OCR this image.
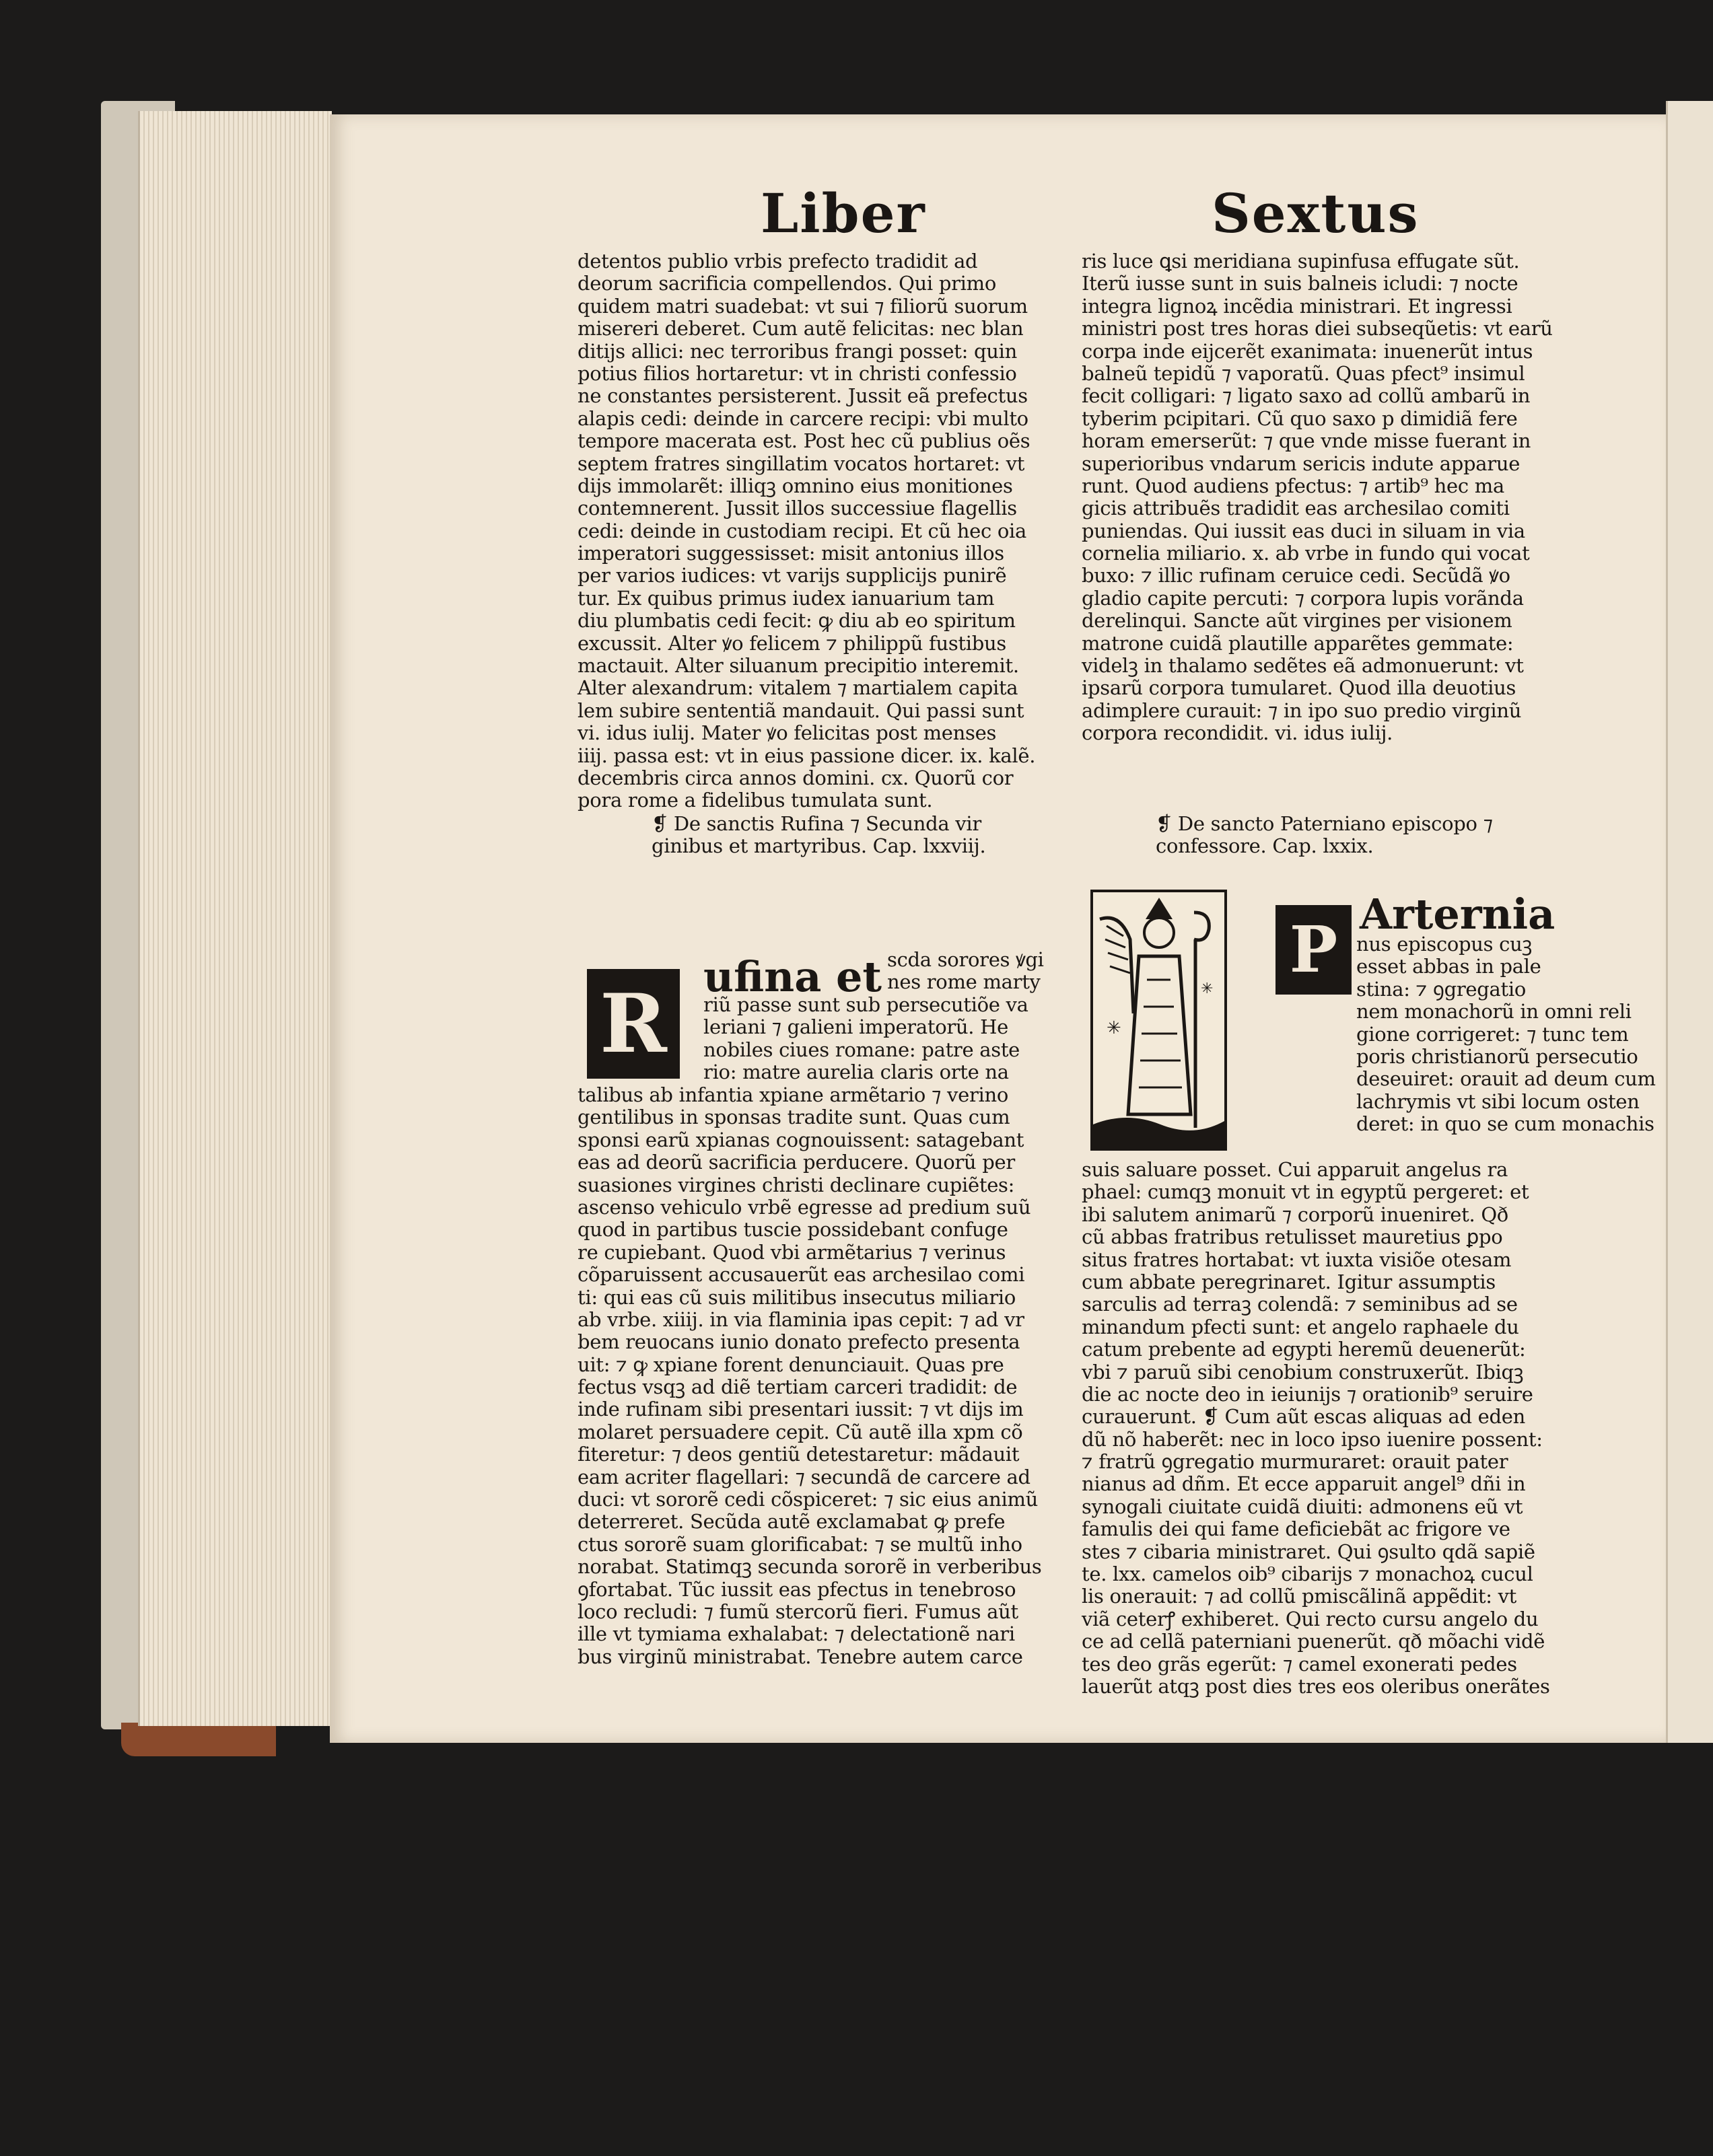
Liber	Sextus
detentos publio vrbis prefecto tradidit ad
deorum sacrificia compellendos. Qui primo
quidem matri suadebat: vt sui ⁊ filiorũ suorum
misereri deberet. Cum autẽ felicitas: nec blan
ditijs allici: nec terroribus frangi posset: quin
potius filios hortaretur: vt in christi confessio
ne constantes persisterent. Jussit eã prefectus
alapis cedi: deinde in carcere recipi: vbi multo
tempore macerata est. Post hec cũ publius oẽs
septem fratres singillatim vocatos hortaret: vt
dijs immolarẽt: illiqꝫ omnino eius monitiones
contemnerent. Jussit illos successiue flagellis
cedi: deinde in custodiam recipi. Et cũ hec oia
imperatori suggessisset: misit antonius illos
per varios iudices: vt varijs supplicijs punirẽ
tur. Ex quibus primus iudex ianuarium tam
diu plumbatis cedi fecit: ꝙ diu ab eo spiritum
excussit. Alter ꝟo felicem ⁊ philippũ fustibus
mactauit. Alter siluanum precipitio interemit.
Alter alexandrum: vitalem ⁊ martialem capita
lem subire sententiã mandauit. Qui passi sunt
vi. idus iulij. Mater ꝟo felicitas post menses
iiij. passa est: vt in eius passione dicer. ix. kalẽ.
decembris circa annos domini. cx. Quorũ cor
pora rome a fidelibus tumulata sunt.
❡ De sanctis Rufina ⁊ Secunda vir
ginibus et martyribus. Cap. lxxviij.
R ufina et scda sorores ꝟgi
nes rome marty
riũ passe sunt sub persecutiõe va
leriani ⁊ galieni imperatorũ. He
nobiles ciues romane: patre aste
rio: matre aurelia claris orte na
talibus ab infantia xpiane armẽtario ⁊ verino
gentilibus in sponsas tradite sunt. Quas cum
sponsi earũ xpianas cognouissent: satagebant
eas ad deorũ sacrificia perducere. Quorũ per
suasiones virgines christi declinare cupiẽtes:
ascenso vehiculo vrbẽ egresse ad predium suũ
quod in partibus tuscie possidebant confuge
re cupiebant. Quod vbi armẽtarius ⁊ verinus
cõparuissent accusauerũt eas archesilao comi
ti: qui eas cũ suis militibus insecutus miliario
ab vrbe. xiiij. in via flaminia ipas cepit: ⁊ ad vr
bem reuocans iunio donato prefecto presenta
uit: ⁊ ꝙ xpiane forent denunciauit. Quas pre
fectus vsqꝫ ad diẽ tertiam carceri tradidit: de
inde rufinam sibi presentari iussit: ⁊ vt dijs im
molaret persuadere cepit. Cũ autẽ illa xpm cõ
fiteretur: ⁊ deos gentiũ detestaretur: mãdauit
eam acriter flagellari: ⁊ secundã de carcere ad
duci: vt sororẽ cedi cõspiceret: ⁊ sic eius animũ
deterreret. Secũda autẽ exclamabat ꝙ prefe
ctus sororẽ suam glorificabat: ⁊ se multũ inho
norabat. Statimqꝫ secunda sororẽ in verberibus
ꝯfortabat. Tũc iussit eas pfectus in tenebroso
loco recludi: ⁊ fumũ stercorũ fieri. Fumus aũt
ille vt tymiama exhalabat: ⁊ delectationẽ nari
bus virginũ ministrabat. Tenebre autem carce
ris luce ꝗsi meridiana supinfusa effugate sũt.
Iterũ iusse sunt in suis balneis icludi: ⁊ nocte
integra lignoꝝ incẽdia ministrari. Et ingressi
ministri post tres horas diei subseqũetis: vt earũ
corpa inde eijcerẽt exanimata: inuenerũt intus
balneũ tepidũ ⁊ vaporatũ. Quas pfect⁹ insimul
fecit colligari: ⁊ ligato saxo ad collũ ambarũ in
tyberim pcipitari. Cũ quo saxo p dimidiã fere
horam emerserũt: ⁊ que vnde misse fuerant in
superioribus vndarum sericis indute apparue
runt. Quod audiens pfectus: ⁊ artib⁹ hec ma
gicis attribuẽs tradidit eas archesilao comiti
puniendas. Qui iussit eas duci in siluam in via
cornelia miliario. x. ab vrbe in fundo qui vocat
buxo: ⁊ illic rufinam ceruice cedi. Secũdã ꝟo
gladio capite percuti: ⁊ corpora lupis vorãnda
derelinqui. Sancte aũt virgines per visionem
matrone cuidã plautille apparẽtes gemmate:
videlꝫ in thalamo sedẽtes eã admonuerunt: vt
ipsarũ corpora tumularet. Quod illa deuotius
adimplere curauit: ⁊ in ipo suo predio virginũ
corpora recondidit. vi. idus iulij.
❡ De sancto Paterniano episcopo ⁊
confessore. Cap. lxxix.
✳
✳
P Arternia
nus episcopus cuꝫ
esset abbas in pale
stina: ⁊ ꝯgregatio
nem monachorũ in omni reli
gione corrigeret: ⁊ tunc tem
poris christianorũ persecutio
deseuiret: orauit ad deum cum
lachrymis vt sibi locum osten
deret: in quo se cum monachis
suis saluare posset. Cui apparuit angelus ra
phael: cumqꝫ monuit vt in egyptũ pergeret: et
ibi salutem animarũ ⁊ corporũ inueniret. Qð
cũ abbas fratribus retulisset mauretius ꝑpo
situs fratres hortabat: vt iuxta visiõe otesam
cum abbate peregrinaret. Igitur assumptis
sarculis ad terraꝫ colendã: ⁊ seminibus ad se
minandum pfecti sunt: et angelo raphaele du
catum prebente ad egypti heremũ deuenerũt:
vbi ⁊ paruũ sibi cenobium construxerũt. Ibiqꝫ
die ac nocte deo in ieiunijs ⁊ orationib⁹ seruire
curauerunt. ❡ Cum aũt escas aliquas ad eden
dũ nõ haberẽt: nec in loco ipso iuenire possent:
⁊ fratrũ ꝯgregatio murmuraret: orauit pater
nianus ad dñm. Et ecce apparuit angel⁹ dñi in
synogali ciuitate cuidã diuiti: admonens eũ vt
famulis dei qui fame deficiebãt ac frigore ve
stes ⁊ cibaria ministraret. Qui ꝯsulto qdã sapiẽ
te. lxx. camelos oib⁹ cibarijs ⁊ monachoꝝ cucul
lis onerauit: ⁊ ad collũ pmiscãlinã appẽdit: vt
viã ceterꝭ exhiberet. Qui recto cursu angelo du
ce ad cellã paterniani puenerũt. qð mõachi vidẽ
tes deo grãs egerũt: ⁊ camel exonerati pedes
lauerũt atqꝫ post dies tres eos oleribus onerãtes
